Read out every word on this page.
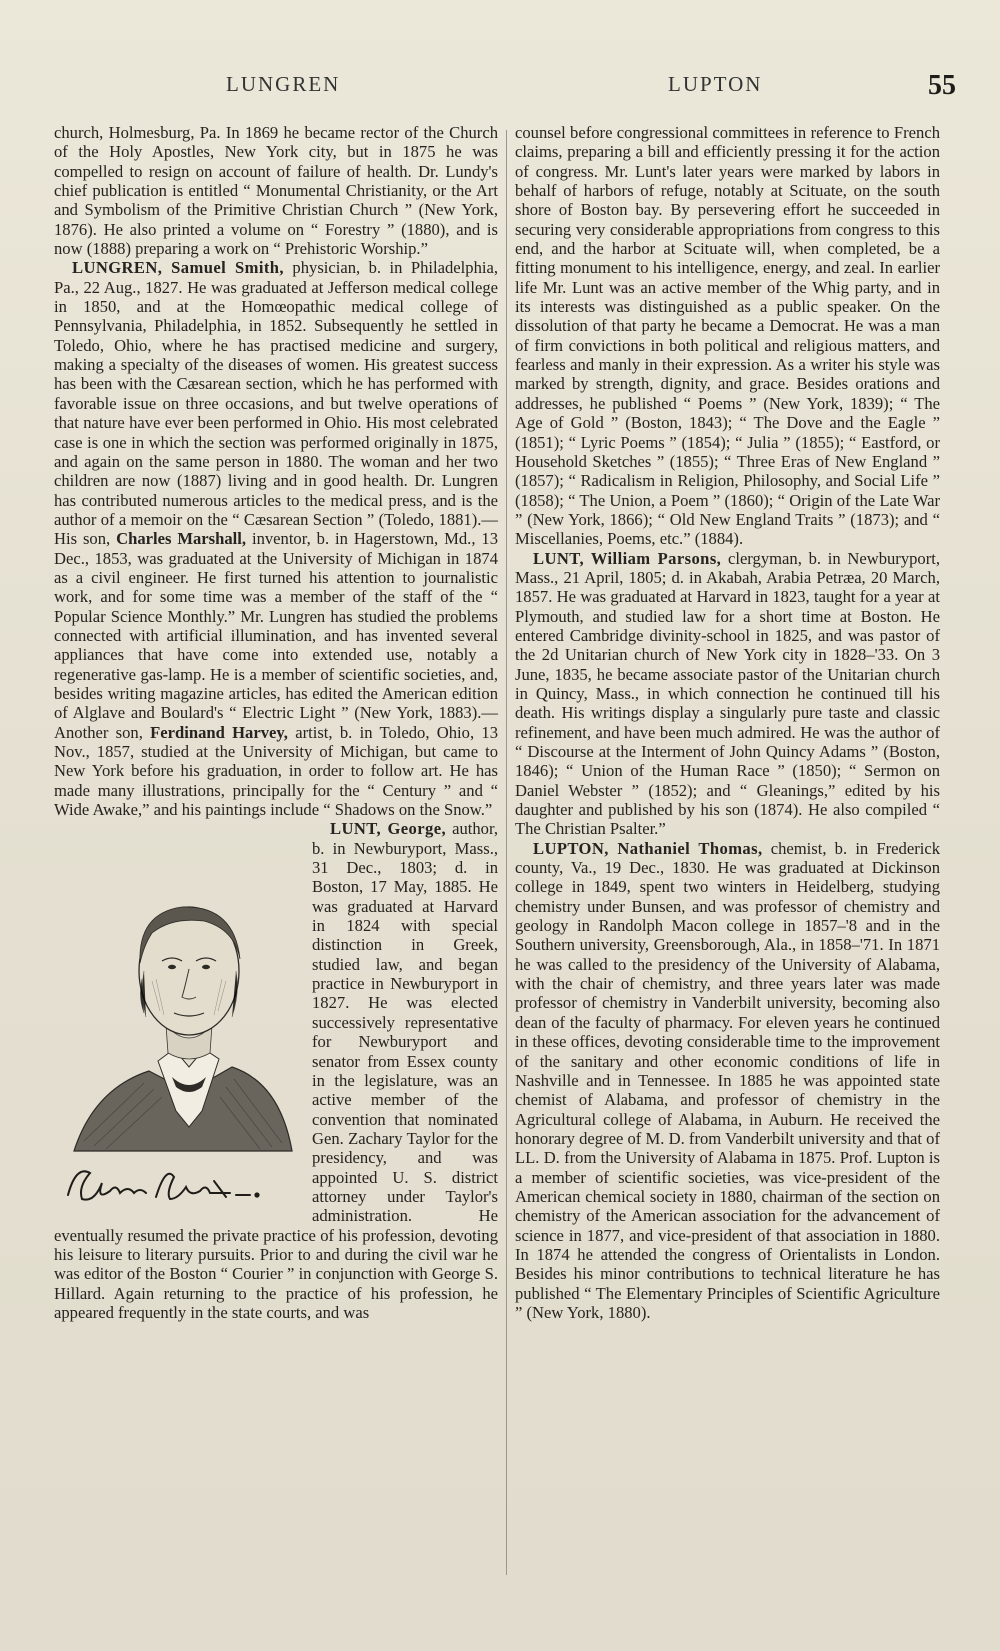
LUNGREN	LUPTON	55

church, Holmesburg, Pa. In 1869 he became rector of the Church of the Holy Apostles, New York city, but in 1875 he was compelled to resign on account of failure of health. Dr. Lundy's chief publication is entitled “ Monumental Christianity, or the Art and Symbolism of the Primitive Christian Church ” (New York, 1876). He also printed a volume on “ Forestry ” (1880), and is now (1888) preparing a work on “ Prehistoric Worship.”

LUNGREN, Samuel Smith, physician, b. in Philadelphia, Pa., 22 Aug., 1827. He was graduated at Jefferson medical college in 1850, and at the Homœopathic medical college of Pennsylvania, Philadelphia, in 1852. Subsequently he settled in Toledo, Ohio, where he has practised medicine and surgery, making a specialty of the diseases of women. His greatest success has been with the Cæsarean section, which he has performed with favorable issue on three occasions, and but twelve operations of that nature have ever been performed in Ohio. His most celebrated case is one in which the section was performed originally in 1875, and again on the same person in 1880. The woman and her two children are now (1887) living and in good health. Dr. Lungren has contributed numerous articles to the medical press, and is the author of a memoir on the “ Cæsarean Section ” (Toledo, 1881).—His son, Charles Marshall, inventor, b. in Hagerstown, Md., 13 Dec., 1853, was graduated at the University of Michigan in 1874 as a civil engineer. He first turned his attention to journalistic work, and for some time was a member of the staff of the “ Popular Science Monthly.” Mr. Lungren has studied the problems connected with artificial illumination, and has invented several appliances that have come into extended use, notably a regenerative gas-lamp. He is a member of scientific societies, and, besides writing magazine articles, has edited the American edition of Alglave and Boulard's “ Electric Light ” (New York, 1883).—Another son, Ferdinand Harvey, artist, b. in Toledo, Ohio, 13 Nov., 1857, studied at the University of Michigan, but came to New York before his graduation, in order to follow art. He has made many illustrations, principally for the “ Century ” and “ Wide Awake,” and his paintings include “ Shadows on the Snow.”

LUNT, George, author, b. in Newburyport, Mass., 31 Dec., 1803; d. in Boston, 17 May, 1885. He was graduated at Harvard in 1824 with special distinction in Greek, studied law, and began practice in Newburyport in 1827. He was elected successively representative for Newburyport and senator from Essex county in the legislature, was an active member of the convention that nominated Gen. Zachary Taylor for the presidency, and was appointed U. S. district attorney under Taylor's administration. He eventually resumed the private practice of his profession, devoting his leisure to literary pursuits. Prior to and during the civil war he was editor of the Boston “ Courier ” in conjunction with George S. Hillard. Again returning to the practice of his profession, he appeared frequently in the state courts, and was

counsel before congressional committees in reference to French claims, preparing a bill and efficiently pressing it for the action of congress. Mr. Lunt's later years were marked by labors in behalf of harbors of refuge, notably at Scituate, on the south shore of Boston bay. By persevering effort he succeeded in securing very considerable appropriations from congress to this end, and the harbor at Scituate will, when completed, be a fitting monument to his intelligence, energy, and zeal. In earlier life Mr. Lunt was an active member of the Whig party, and in its interests was distinguished as a public speaker. On the dissolution of that party he became a Democrat. He was a man of firm convictions in both political and religious matters, and fearless and manly in their expression. As a writer his style was marked by strength, dignity, and grace. Besides orations and addresses, he published “ Poems ” (New York, 1839); “ The Age of Gold ” (Boston, 1843); “ The Dove and the Eagle ” (1851); “ Lyric Poems ” (1854); “ Julia ” (1855); “ Eastford, or Household Sketches ” (1855); “ Three Eras of New England ” (1857); “ Radicalism in Religion, Philosophy, and Social Life ” (1858); “ The Union, a Poem ” (1860); “ Origin of the Late War ” (New York, 1866); “ Old New England Traits ” (1873); and “ Miscellanies, Poems, etc.” (1884).

LUNT, William Parsons, clergyman, b. in Newburyport, Mass., 21 April, 1805; d. in Akabah, Arabia Petræa, 20 March, 1857. He was graduated at Harvard in 1823, taught for a year at Plymouth, and studied law for a short time at Boston. He entered Cambridge divinity-school in 1825, and was pastor of the 2d Unitarian church of New York city in 1828–'33. On 3 June, 1835, he became associate pastor of the Unitarian church in Quincy, Mass., in which connection he continued till his death. His writings display a singularly pure taste and classic refinement, and have been much admired. He was the author of “ Discourse at the Interment of John Quincy Adams ” (Boston, 1846); “ Union of the Human Race ” (1850); “ Sermon on Daniel Webster ” (1852); and “ Gleanings,” edited by his daughter and published by his son (1874). He also compiled “ The Christian Psalter.”

LUPTON, Nathaniel Thomas, chemist, b. in Frederick county, Va., 19 Dec., 1830. He was graduated at Dickinson college in 1849, spent two winters in Heidelberg, studying chemistry under Bunsen, and was professor of chemistry and geology in Randolph Macon college in 1857–'8 and in the Southern university, Greensborough, Ala., in 1858–'71. In 1871 he was called to the presidency of the University of Alabama, with the chair of chemistry, and three years later was made professor of chemistry in Vanderbilt university, becoming also dean of the faculty of pharmacy. For eleven years he continued in these offices, devoting considerable time to the improvement of the sanitary and other economic conditions of life in Nashville and in Tennessee. In 1885 he was appointed state chemist of Alabama, and professor of chemistry in the Agricultural college of Alabama, in Auburn. He received the honorary degree of M. D. from Vanderbilt university and that of LL. D. from the University of Alabama in 1875. Prof. Lupton is a member of scientific societies, was vice-president of the American chemical society in 1880, chairman of the section on chemistry of the American association for the advancement of science in 1877, and vice-president of that association in 1880. In 1874 he attended the congress of Orientalists in London. Besides his minor contributions to technical literature he has published “ The Elementary Principles of Scientific Agriculture ” (New York, 1880).
